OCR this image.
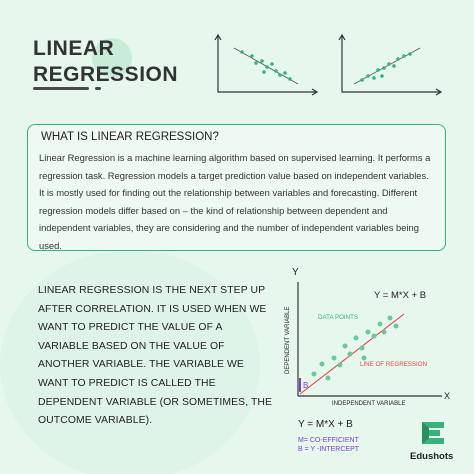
LINEAR
REGRESSION
WHAT IS LINEAR REGRESSION?
Linear Regression is a machine learning algorithm based on supervised learning. It performs a regression task. Regression models a target prediction value based on independent variables. It is mostly used for finding out the relationship between variables and forecasting. Different regression models differ based on – the kind of relationship between dependent and independent variables, they are considering and the number of independent variables being used.
LINEAR REGRESSION IS THE NEXT STEP UP AFTER CORRELATION. IT IS USED WHEN WE WANT TO PREDICT THE VALUE OF A VARIABLE BASED ON THE VALUE OF ANOTHER VARIABLE. THE VARIABLE WE WANT TO PREDICT IS CALLED THE DEPENDENT VARIABLE (OR SOMETIMES, THE OUTCOME VARIABLE).
Y
Y = M*X + B
DATA POINTS
LINE OF REGRESSION
B
DEPENDENT VARIABLE
INDEPENDENT VARIABLE
X
Y = M*X + B
M= CO-EFFICIENT
B = Y -INTERCEPT
Edushots
